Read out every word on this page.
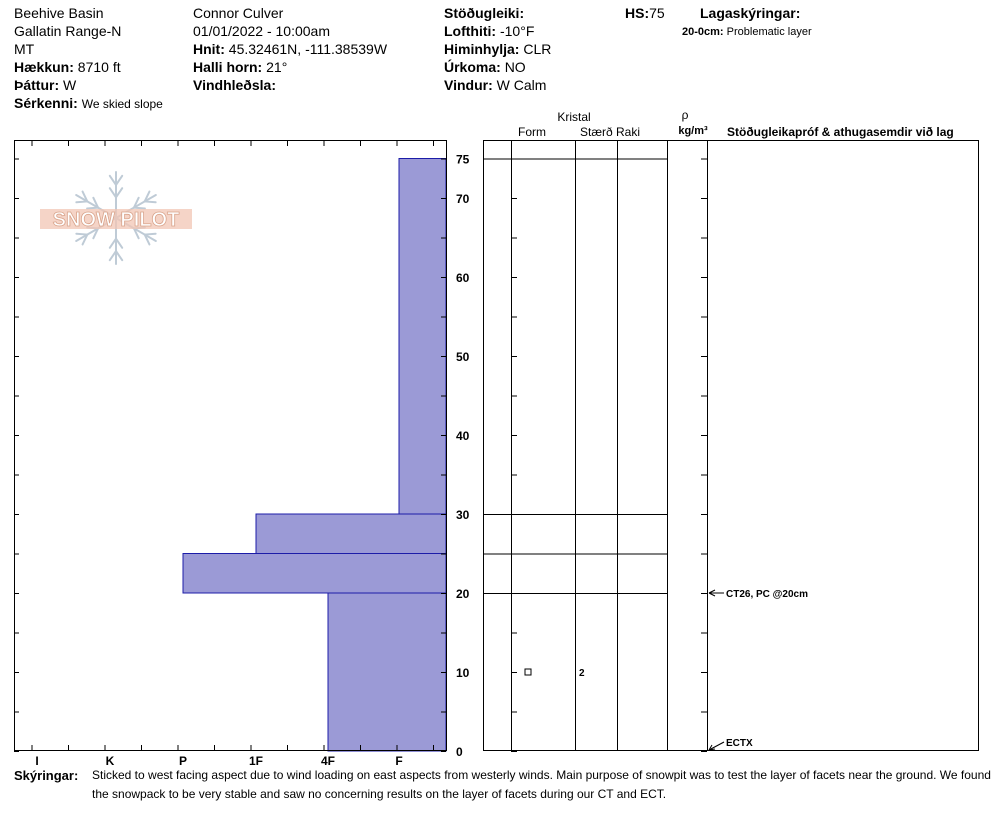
Beehive Basin
Gallatin Range-N
MT
Hækkun: 8710 ft
Þáttur: W
Sérkenni: We skied slope
Connor Culver
01/01/2022 - 10:00am
Hnit: 45.32461N, -111.38539W
Halli horn: 21°
Vindhleðsla:
Stöðugleiki:
Lofthiti: -10°F
Himinhylja: CLR
Úrkoma: NO
Vindur: W Calm
HS:75	Lagaskýringar:
20-0cm: Problematic layer
SNOW PILOT
I	K	P	1F	4F	F
0
10
20
30
40
50
60
70
75
2
CT26, PC @20cm
ECTX
Kristal
Form	Stærð Raki
ρ
kg/m³ Stöðugleikapróf & athugasemdir við lag
Skýringar: Sticked to west facing aspect due to wind loading on east aspects from westerly winds. Main purpose of snowpit was to test the layer of facets near the ground. We found the snowpack to be very stable and saw no concerning results on the layer of facets during our CT and ECT.
